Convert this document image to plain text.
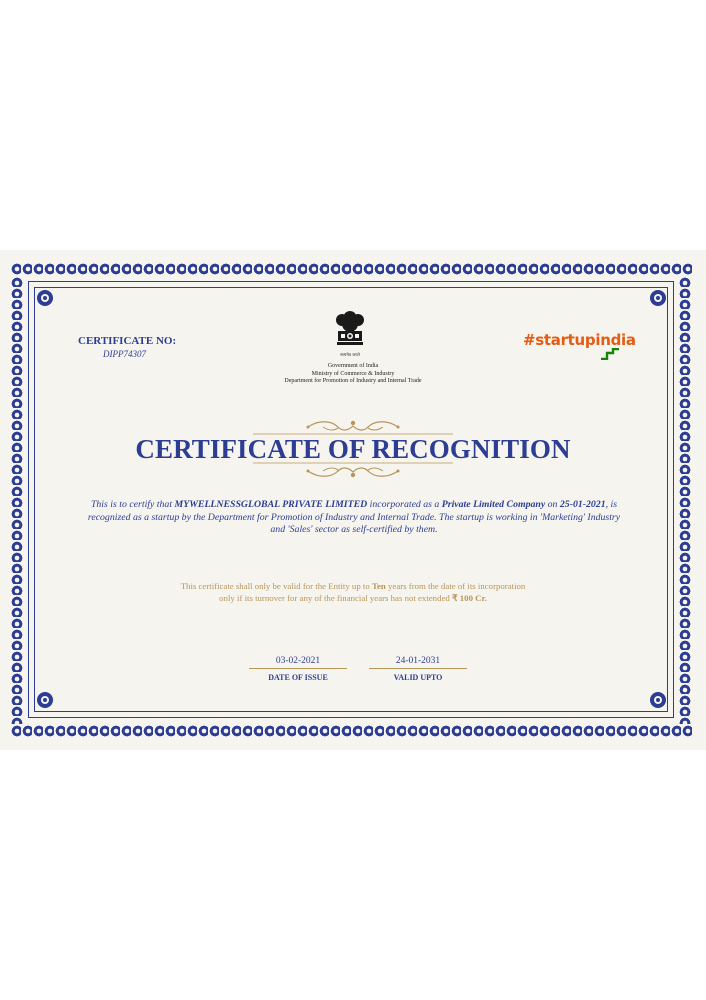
CERTIFICATE NO:
DIPP74307	सत्यमेव जयते
Government of India
Ministry of Commerce & Industry
Department for Promotion of Industry and Internal Trade
#startupindia
CERTIFICATE OF RECOGNITION
This is to certify that MYWELLNESSGLOBAL PRIVATE LIMITED incorporated as a Private Limited Company on 25-01-2021, is recognized as a startup by the Department for Promotion of Industry and Internal Trade. The startup is working in 'Marketing' Industry and 'Sales' sector as self-certified by them.
This certificate shall only be valid for the Entity up to Ten years from the date of its incorporation
only if its turnover for any of the financial years has not extended ₹ 100 Cr.
03-02-2021
DATE OF ISSUE
24-01-2031
VALID UPTO
